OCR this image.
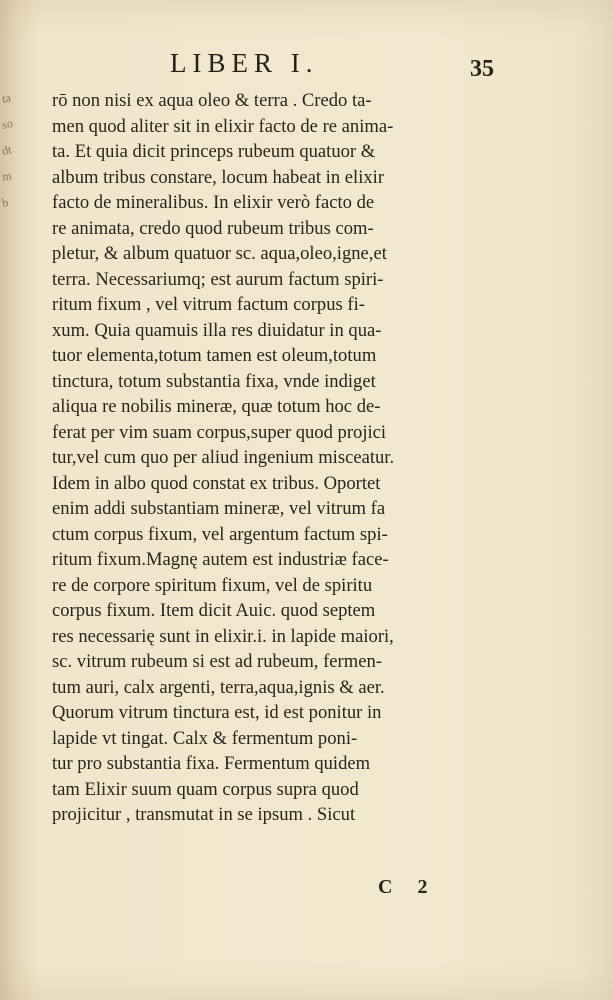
ta
so
dt
m
b
LIBER I.	35
rō non nisi ex aqua oleo & terra . Credo ta-
men quod aliter sit in elixir facto de re anima-
ta. Et quia dicit princeps rubeum quatuor &
album tribus constare, locum habeat in elixir
facto de mineralibus. In elixir verò facto de
re animata, credo quod rubeum tribus com-
pletur, & album quatuor sc. aqua,oleo,igne,et
terra. Necessariumq; est aurum factum spiri-
ritum fixum , vel vitrum factum corpus fi-
xum. Quia quamuis illa res diuidatur in qua-
tuor elementa,totum tamen est oleum,totum
tinctura, totum substantia fixa, vnde indiget
aliqua re nobilis mineræ, quæ totum hoc de-
ferat per vim suam corpus,super quod projici
tur,vel cum quo per aliud ingenium misceatur.
Idem in albo quod constat ex tribus. Oportet
enim addi substantiam mineræ, vel vitrum fa
ctum corpus fixum, vel argentum factum spi-
ritum fixum.Magnę autem est industriæ face-
re de corpore spiritum fixum, vel de spiritu
corpus fixum. Item dicit Auic. quod septem
res necessarię sunt in elixir.i. in lapide maiori,
sc. vitrum rubeum si est ad rubeum, fermen-
tum auri, calx argenti, terra,aqua,ignis & aer.
Quorum vitrum tinctura est, id est ponitur in
lapide vt tingat. Calx & fermentum poni-
tur pro substantia fixa. Fermentum quidem
tam Elixir suum quam corpus supra quod
projicitur , transmutat in se ipsum . Sicut
C 2
